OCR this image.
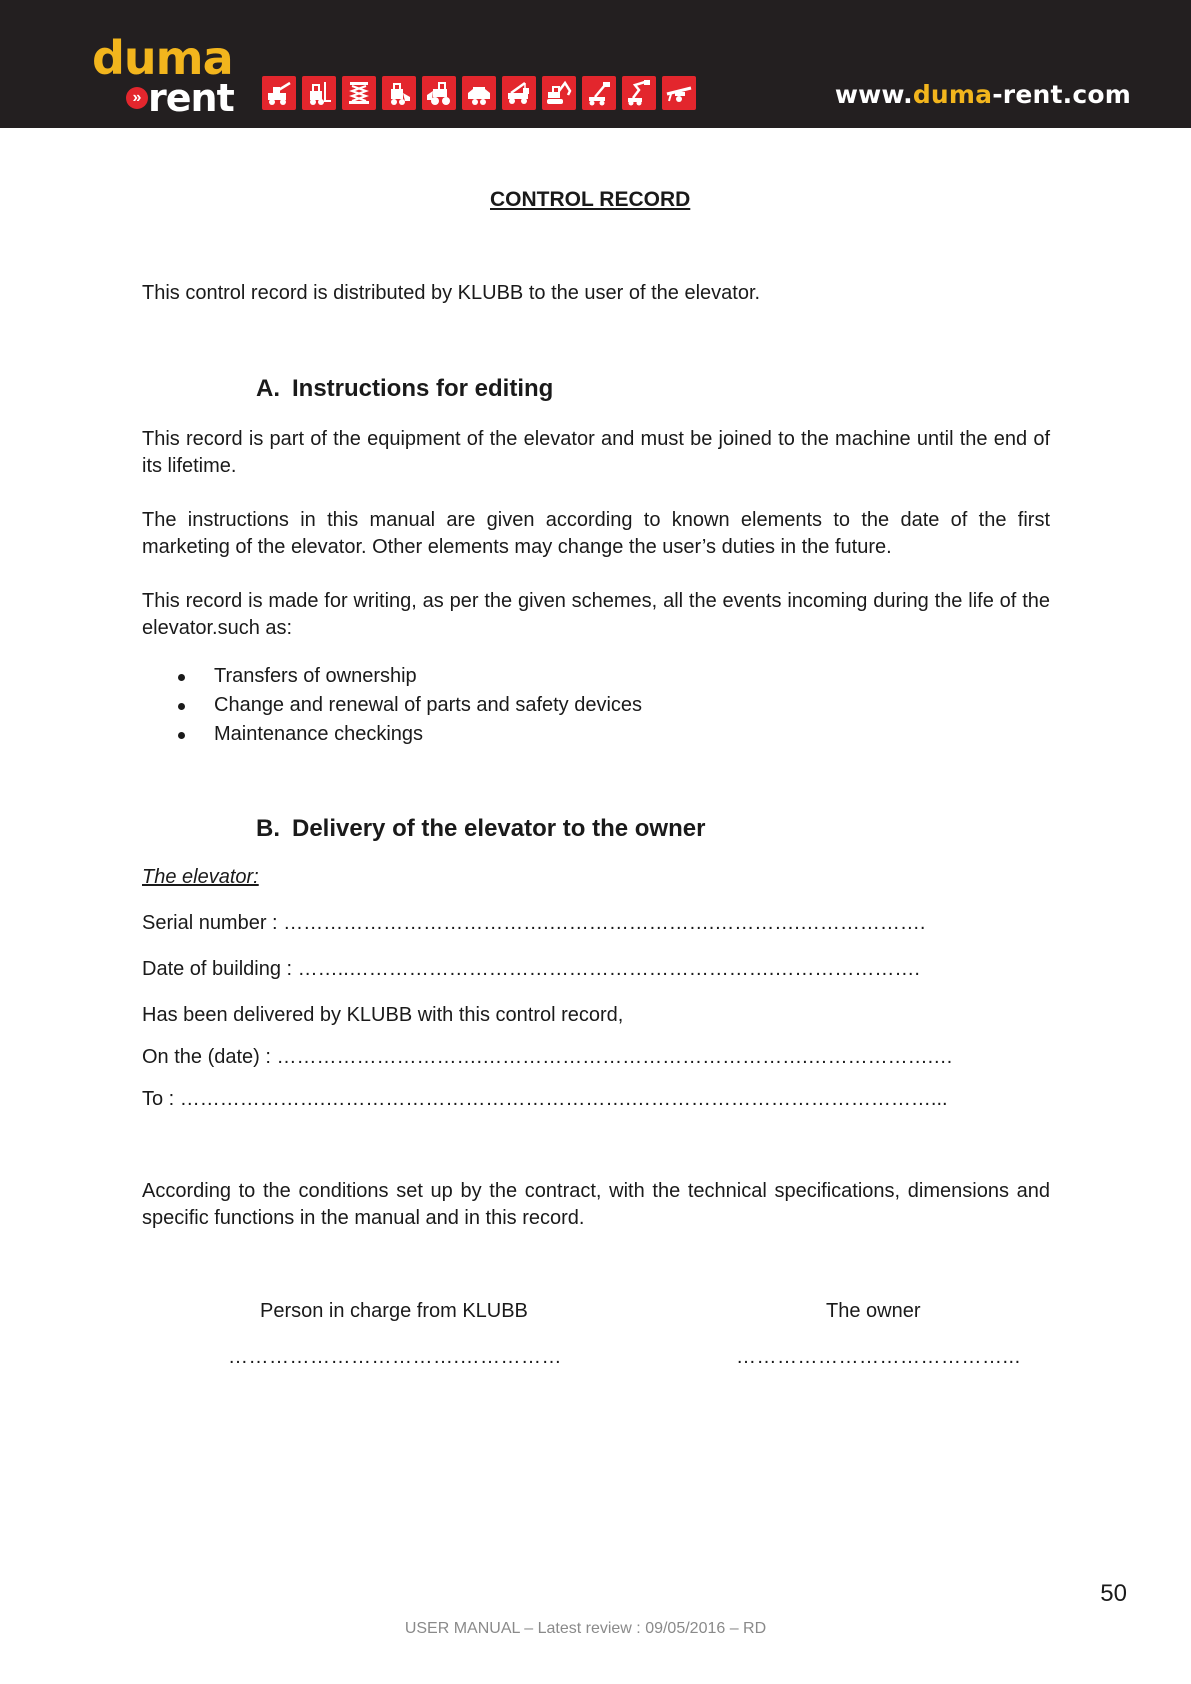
duma
» rent	www.duma-rent.com
CONTROL RECORD
This control record is distributed by KLUBB to the user of the elevator.
A. Instructions for editing
This record is part of the equipment of the elevator and must be joined to the machine until the end of its lifetime.
The instructions in this manual are given according to known elements to the date of the first marketing of the elevator. Other elements may change the user’s duties in the future.
This record is made for writing, as per the given schemes, all the events incoming during the life of the elevator.such as:
Transfers of ownership
Change and renewal of parts and safety devices
Maintenance checkings
B. Delivery of the elevator to the owner
The elevator:
Serial number : ………………………………….…………………….………….……………….
Date of building : ……..……………………………………………………….………………….
Has been delivered by KLUBB with this control record,
On the (date) : ………………………….………………………………………….……………….…
To : ………………….……………………………………….………………………………………...
According to the conditions set up by the contract, with the technical specifications, dimensions and specific functions in the manual and in this record.
Person in charge from KLUBB	The owner
…………………………….……………	…………………………………...
50
USER MANUAL – Latest review : 09/05/2016 – RD
